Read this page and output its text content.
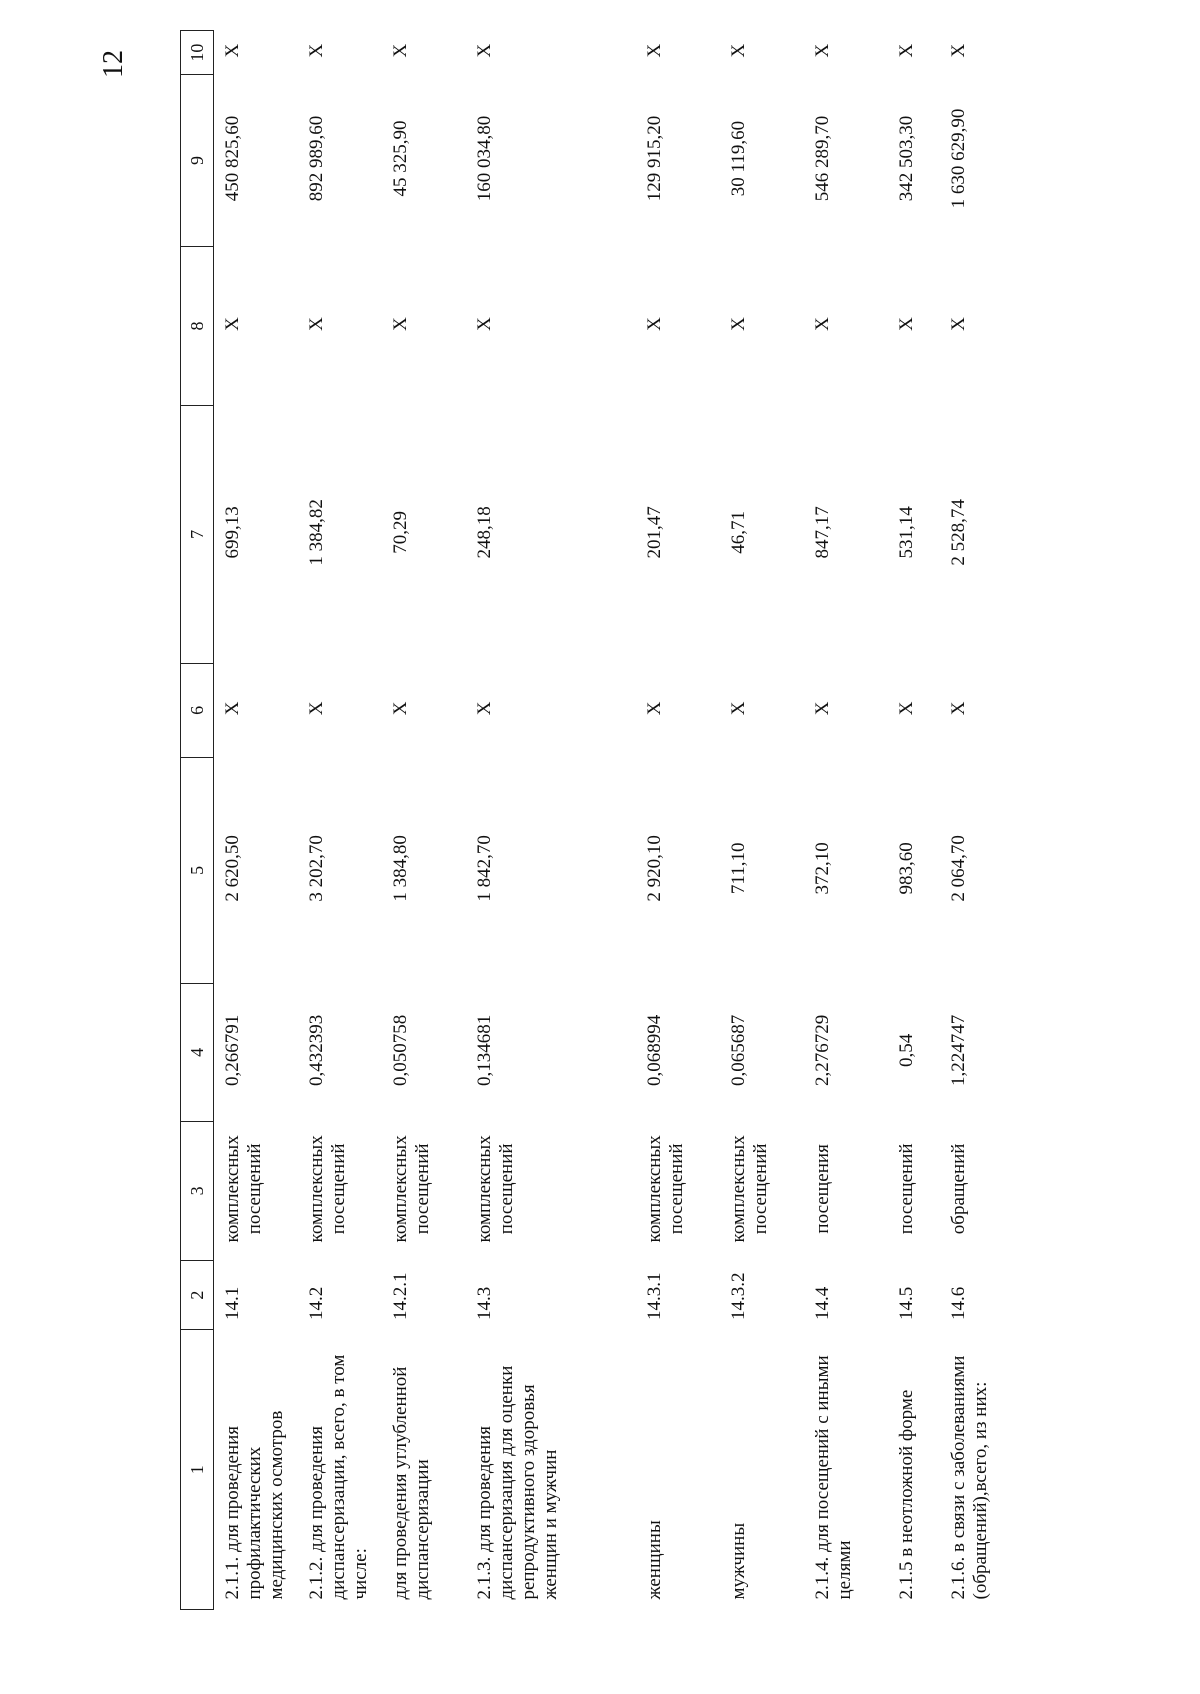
12
1	2	3	4	5	6	7	8	9	10
2.1.1. для проведения профилактических медицинских осмотров	14.1	комплексных посещений	0,266791	2 620,50	Х	699,13	Х	450 825,60	Х
2.1.2. для проведения диспансеризации, всего, в том числе:	14.2	комплексных посещений	0,432393	3 202,70	Х	1 384,82	Х	892 989,60	Х
для проведения углубленной диспансеризации	14.2.1	комплексных посещений	0,050758	1 384,80	Х	70,29	Х	45 325,90	Х
2.1.3. для проведения диспансеризация для оценки репродуктивного здоровья женщин и мужчин	14.3	комплексных посещений	0,134681	1 842,70	Х	248,18	Х	160 034,80	Х
женщины	14.3.1	комплексных посещений	0,068994	2 920,10	Х	201,47	Х	129 915,20	Х
мужчины	14.3.2	комплексных посещений	0,065687	711,10	Х	46,71	Х	30 119,60	Х
2.1.4. для посещений с иными целями	14.4	посещения	2,276729	372,10	Х	847,17	Х	546 289,70	Х
2.1.5 в неотложной форме	14.5	посещений	0,54	983,60	Х	531,14	Х	342 503,30	Х
2.1.6. в связи с заболеваниями (обращений),всего, из них:	14.6	обращений	1,224747	2 064,70	Х	2 528,74	Х	1 630 629,90	Х
